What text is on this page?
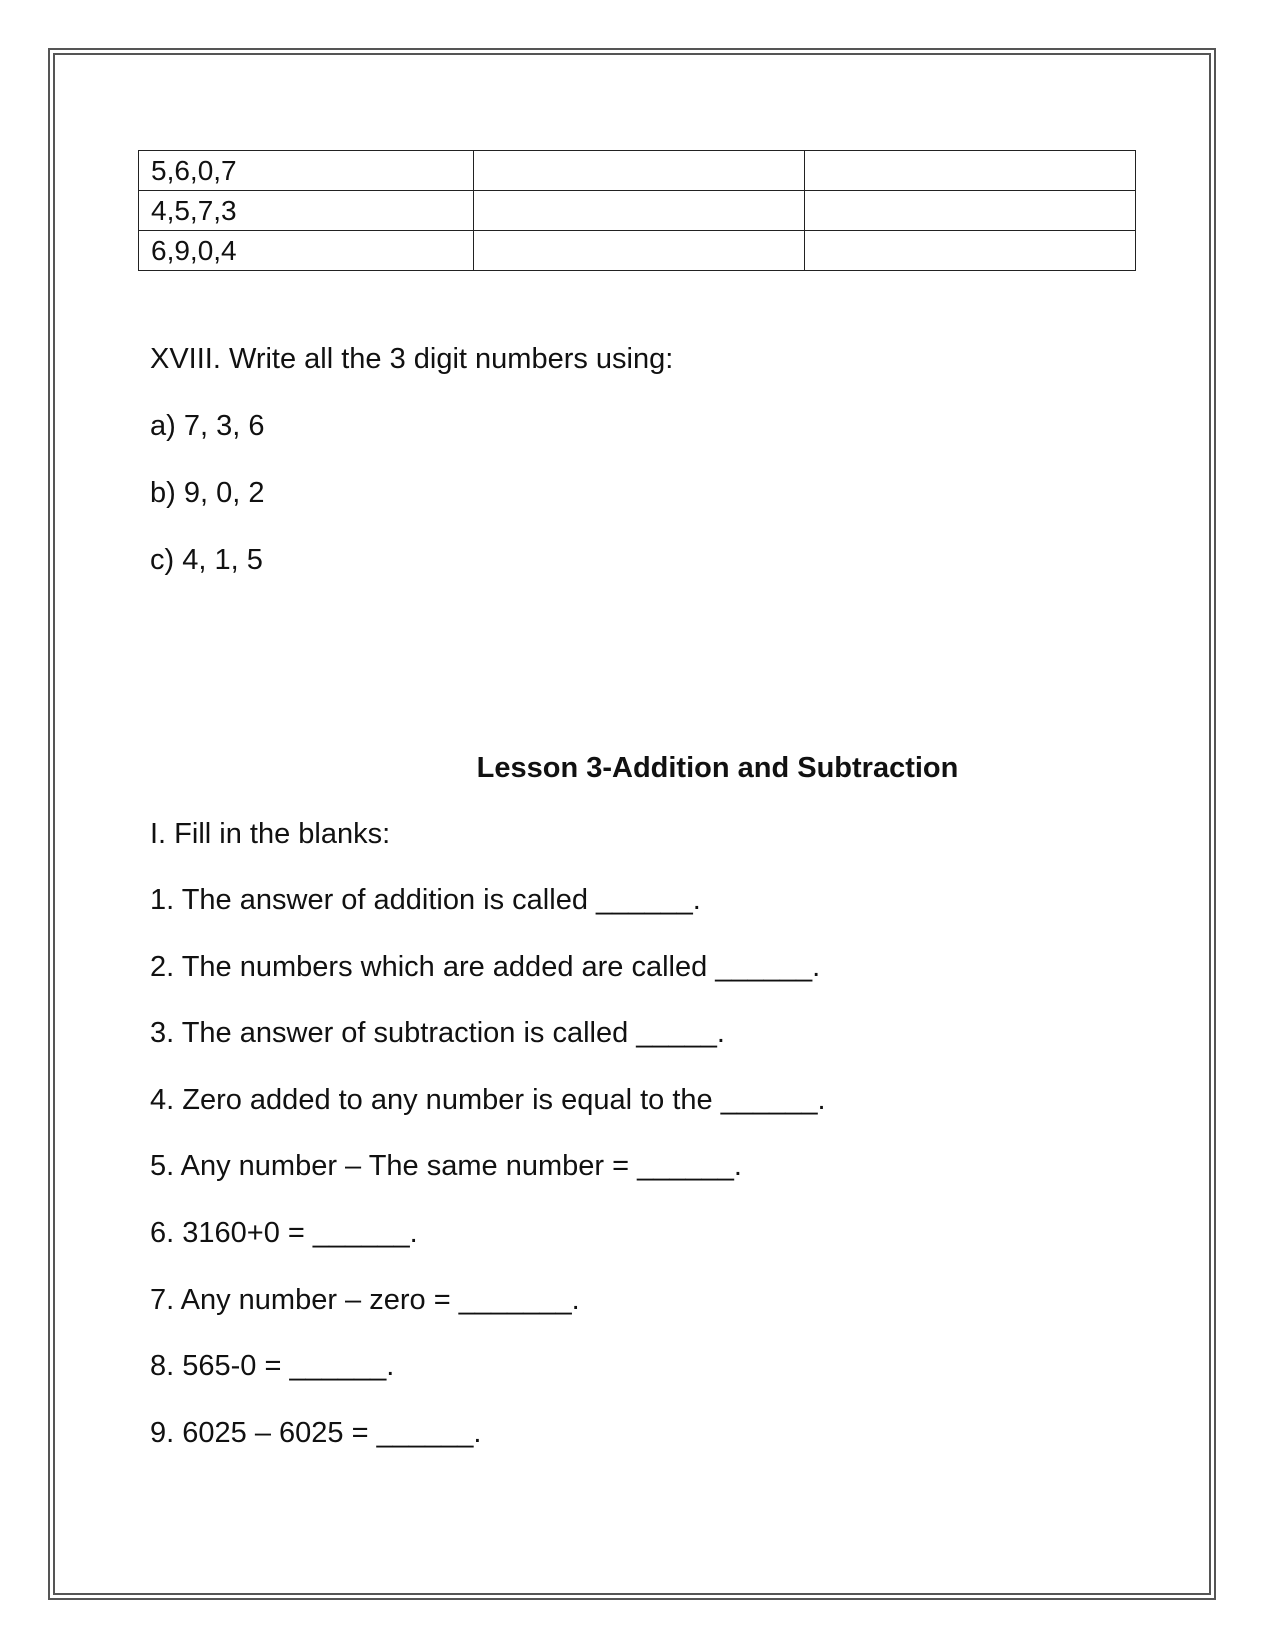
5,6,0,7		
4,5,7,3		
6,9,0,4		
XVIII. Write all the 3 digit numbers using:
a) 7, 3, 6
b) 9, 0, 2
c) 4, 1, 5
Lesson 3-Addition and Subtraction
I. Fill in the blanks:
1. The answer of addition is called ______.
2. The numbers which are added are called ______.
3. The answer of subtraction is called _____.
4. Zero added to any number is equal to the ______.
5. Any number – The same number = ______.
6. 3160+0 = ______.
7. Any number – zero = _______.
8. 565-0 = ______.
9. 6025 – 6025 = ______.
